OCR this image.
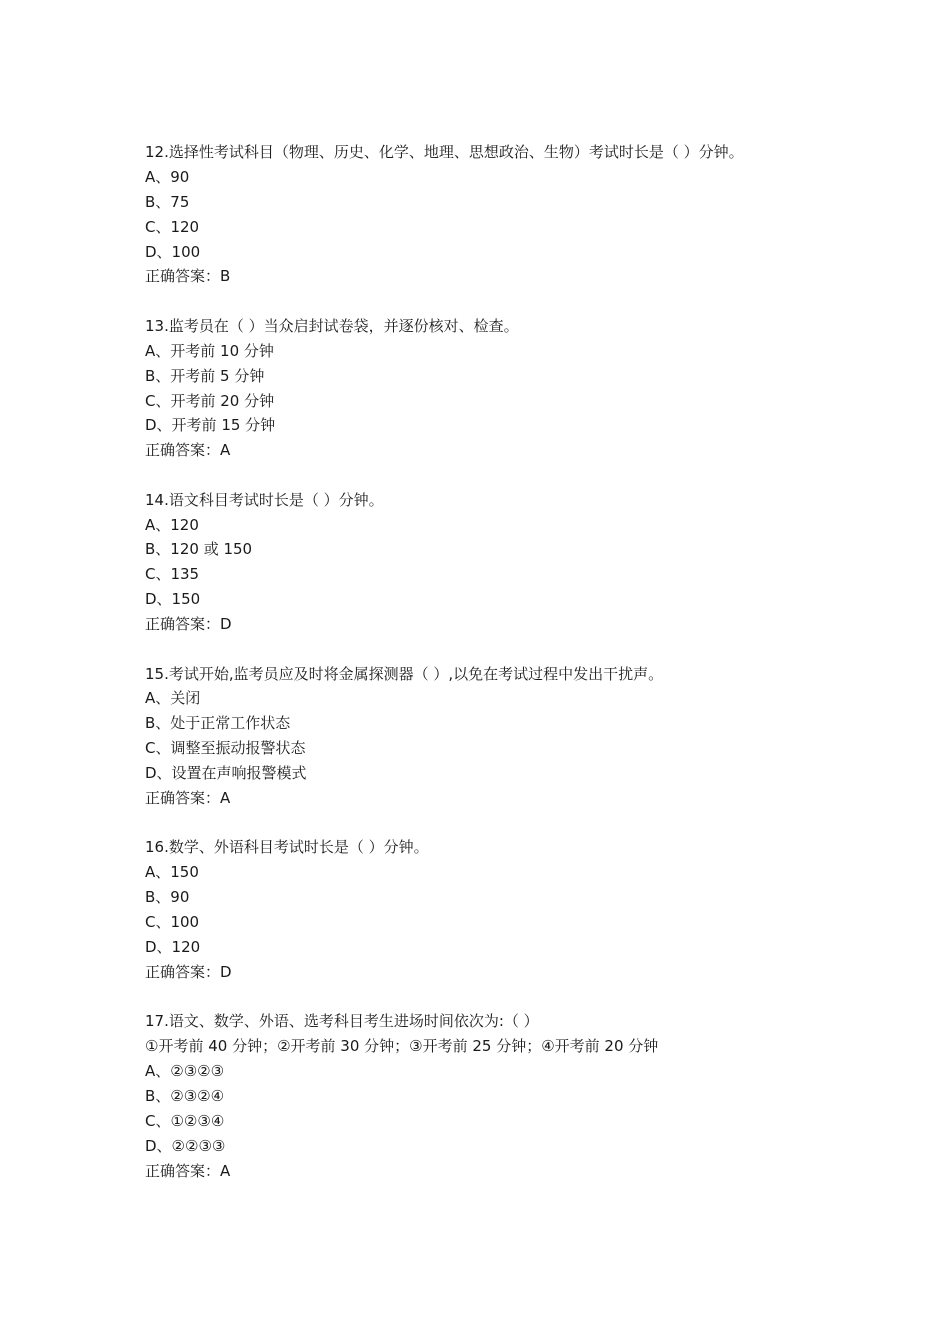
12.选择性考试科目（物理、历史、化学、地理、思想政治、生物）考试时长是（ ）分钟。
A、90
B、75
C、120
D、100
正确答案：B
13.监考员在（ ）当众启封试卷袋，并逐份核对、检查。
A、开考前 10 分钟
B、开考前 5 分钟
C、开考前 20 分钟
D、开考前 15 分钟
正确答案：A
14.语文科目考试时长是（ ）分钟。
A、120
B、120 或 150
C、135
D、150
正确答案：D
15.考试开始,监考员应及时将金属探测器（ ）,以免在考试过程中发出干扰声。
A、关闭
B、处于正常工作状态
C、调整至振动报警状态
D、设置在声响报警模式
正确答案：A
16.数学、外语科目考试时长是（ ）分钟。
A、150
B、90
C、100
D、120
正确答案：D
17.语文、数学、外语、选考科目考生进场时间依次为:（ ）
①开考前 40 分钟；②开考前 30 分钟；③开考前 25 分钟；④开考前 20 分钟
A、②③②③
B、②③②④
C、①②③④
D、②②③③
正确答案：A
